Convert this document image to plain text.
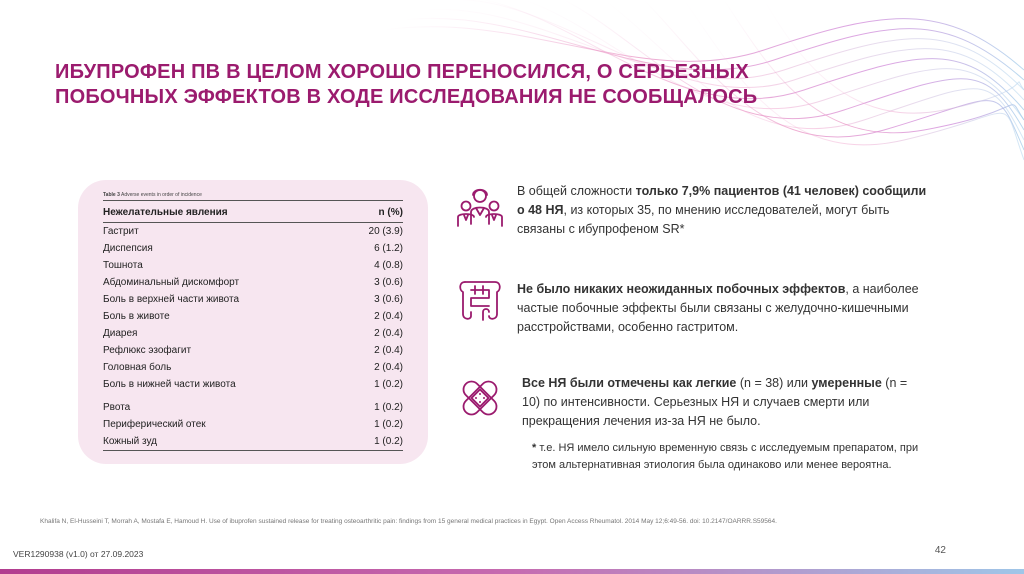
ИБУПРОФЕН ПВ В ЦЕЛОМ ХОРОШО ПЕРЕНОСИЛСЯ, О СЕРЬЕЗНЫХ
ПОБОЧНЫХ ЭФФЕКТОВ В ХОДЕ ИССЛЕДОВАНИЯ НЕ СООБЩАЛОСЬ
Table 3 Adverse events in order of incidence
Нежелательные явления	n (%)
Гастрит	20 (3.9)
Диспепсия	6 (1.2)
Тошнота	4 (0.8)
Абдоминальный дискомфорт	3 (0.6)
Боль в верхней части живота	3 (0.6)
Боль в животе	2 (0.4)
Диарея	2 (0.4)
Рефлюкс эзофагит	2 (0.4)
Головная боль	2 (0.4)
Боль в нижней части живота	1 (0.2)
Рвота	1 (0.2)
Периферический отек	1 (0.2)
Кожный зуд	1 (0.2)
В общей сложности только 7,9% пациентов (41 человек) сообщили о 48 НЯ, из которых 35, по мнению исследователей, могут быть связаны с ибупрофеном SR*
Не было никаких неожиданных побочных эффектов, а наиболее частые побочные эффекты были связаны с желудочно-кишечными расстройствами, особенно гастритом.
Все НЯ были отмечены как легкие (n = 38) или умеренные (n = 10) по интенсивности. Серьезных НЯ и случаев смерти или прекращения лечения из-за НЯ не было.
* т.е. НЯ имело сильную временную связь с исследуемым препаратом, при этом альтернативная этиология была одинаково или менее вероятна.
Khalifa N, El-Husseini T, Morrah A, Mostafa E, Hamoud H. Use of ibuprofen sustained release for treating osteoarthritic pain: findings from 15 general medical practices in Egypt. Open Access Rheumatol. 2014 May 12;6:49-56. doi: 10.2147/OARRR.S59564.
VER1290938 (v1.0) от 27.09.2023	42
